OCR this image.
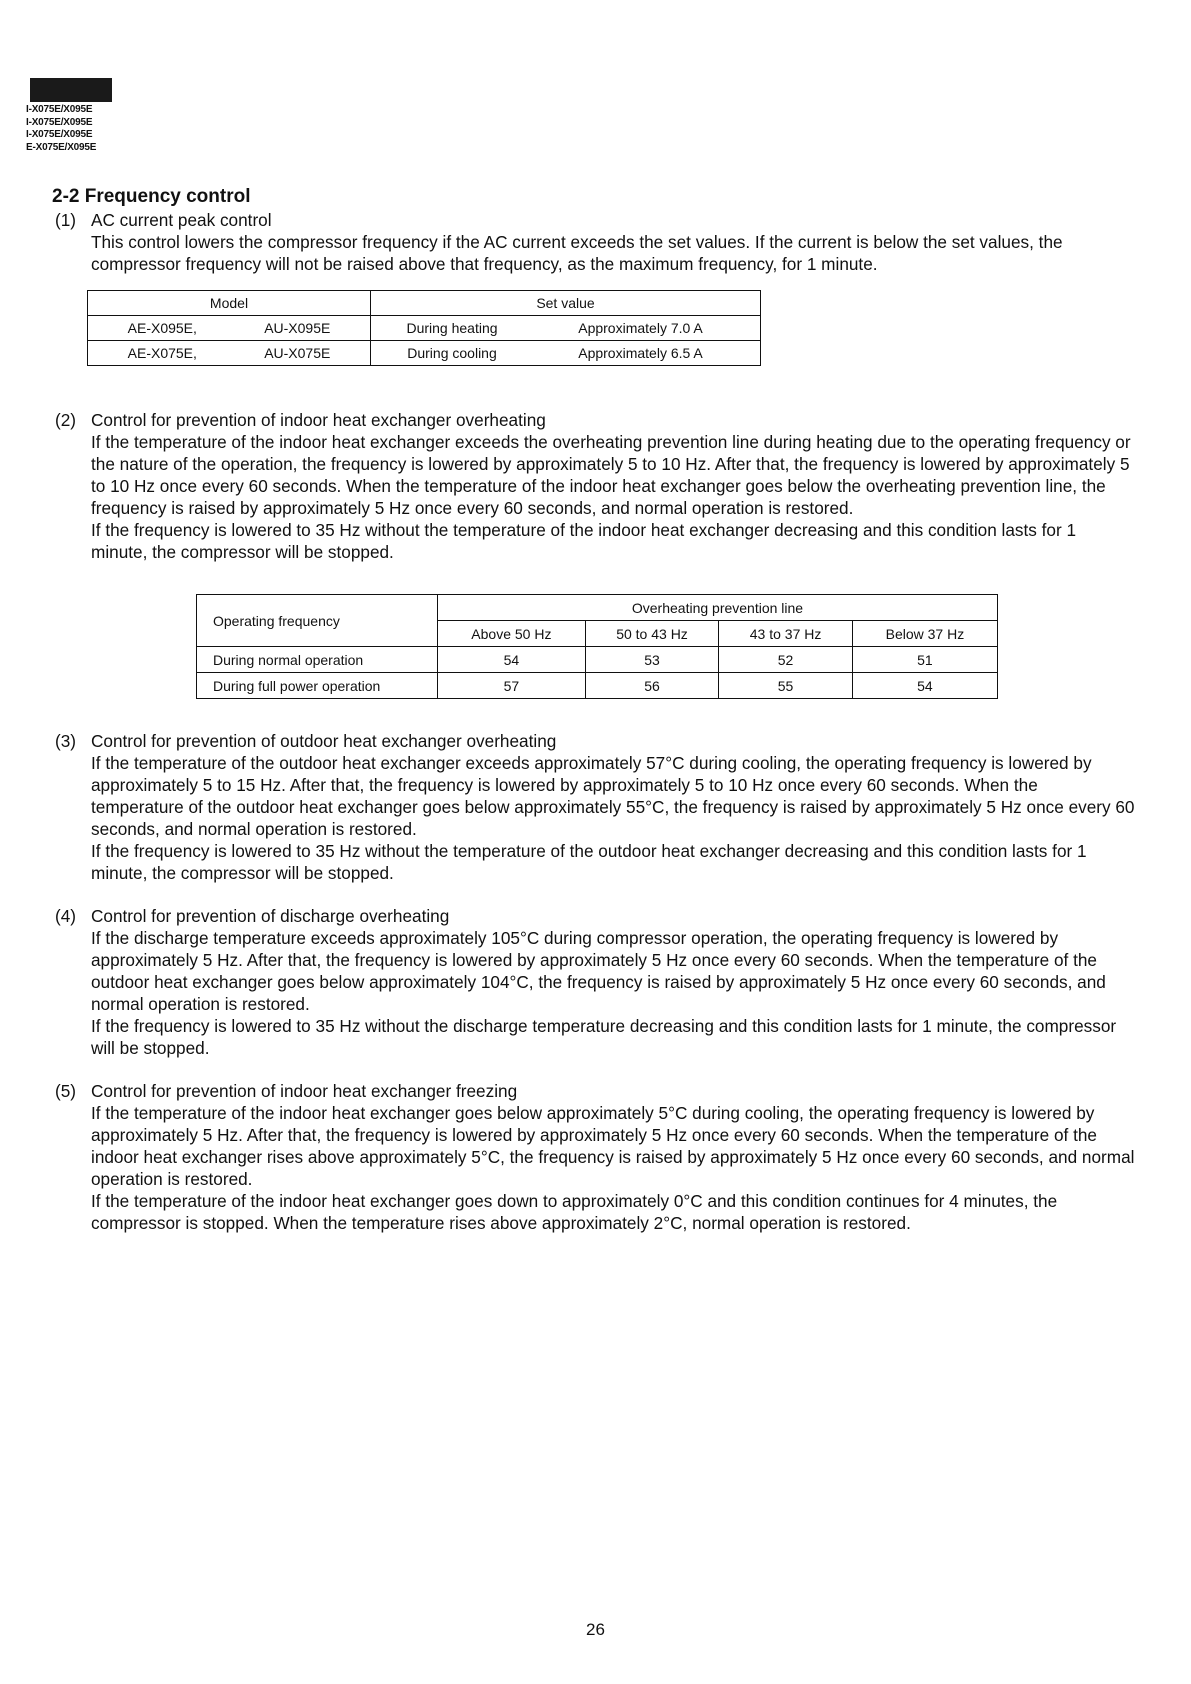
I-X075E/X095E
I-X075E/X095E
I-X075E/X095E
E-X075E/X095E
2-2 Frequency control
(1) AC current peak control

This control lowers the compressor frequency if the AC current exceeds the set values. If the current is below the set values, the compressor frequency will not be raised above that frequency, as the maximum frequency, for 1 minute.

Model	Set value

AE-X095E, AU-X095E	During heating Approximately 7.0 A

AE-X075E, AU-X075E	During cooling Approximately 6.5 A
(2) Control for prevention of indoor heat exchanger overheating

If the temperature of the indoor heat exchanger exceeds the overheating prevention line during heating due to the operating frequency or the nature of the operation, the frequency is lowered by approximately 5 to 10 Hz. After that, the frequency is lowered by approximately 5 to 10 Hz once every 60 seconds. When the temperature of the indoor heat exchanger goes below the overheating prevention line, the frequency is raised by approximately 5 Hz once every 60 seconds, and normal operation is restored.

If the frequency is lowered to 35 Hz without the temperature of the indoor heat exchanger decreasing and this condition lasts for 1 minute, the compressor will be stopped.

Operating frequency	Overheating prevention line			
	Above 50 Hz	50 to 43 Hz	43 to 37 Hz	Below 37 Hz
During normal operation	54	53	52	51
During full power operation	57	56	55	54
(3) Control for prevention of outdoor heat exchanger overheating

If the temperature of the outdoor heat exchanger exceeds approximately 57°C during cooling, the operating frequency is lowered by approximately 5 to 15 Hz. After that, the frequency is lowered by approximately 5 to 10 Hz once every 60 seconds. When the temperature of the outdoor heat exchanger goes below approximately 55°C, the frequency is raised by approximately 5 Hz once every 60 seconds, and normal operation is restored.

If the frequency is lowered to 35 Hz without the temperature of the outdoor heat exchanger decreasing and this condition lasts for 1 minute, the compressor will be stopped.

(4) Control for prevention of discharge overheating

If the discharge temperature exceeds approximately 105°C during compressor operation, the operating frequency is lowered by approximately 5 Hz. After that, the frequency is lowered by approximately 5 Hz once every 60 seconds. When the temperature of the outdoor heat exchanger goes below approximately 104°C, the frequency is raised by approximately 5 Hz once every 60 seconds, and normal operation is restored.

If the frequency is lowered to 35 Hz without the discharge temperature decreasing and this condition lasts for 1 minute, the compressor will be stopped.

(5) Control for prevention of indoor heat exchanger freezing

If the temperature of the indoor heat exchanger goes below approximately 5°C during cooling, the operating frequency is lowered by approximately 5 Hz. After that, the frequency is lowered by approximately 5 Hz once every 60 seconds. When the temperature of the indoor heat exchanger rises above approximately 5°C, the frequency is raised by approximately 5 Hz once every 60 seconds, and normal operation is restored.

If the temperature of the indoor heat exchanger goes down to approximately 0°C and this condition continues for 4 minutes, the compressor is stopped. When the temperature rises above approximately 2°C, normal operation is restored.

26
